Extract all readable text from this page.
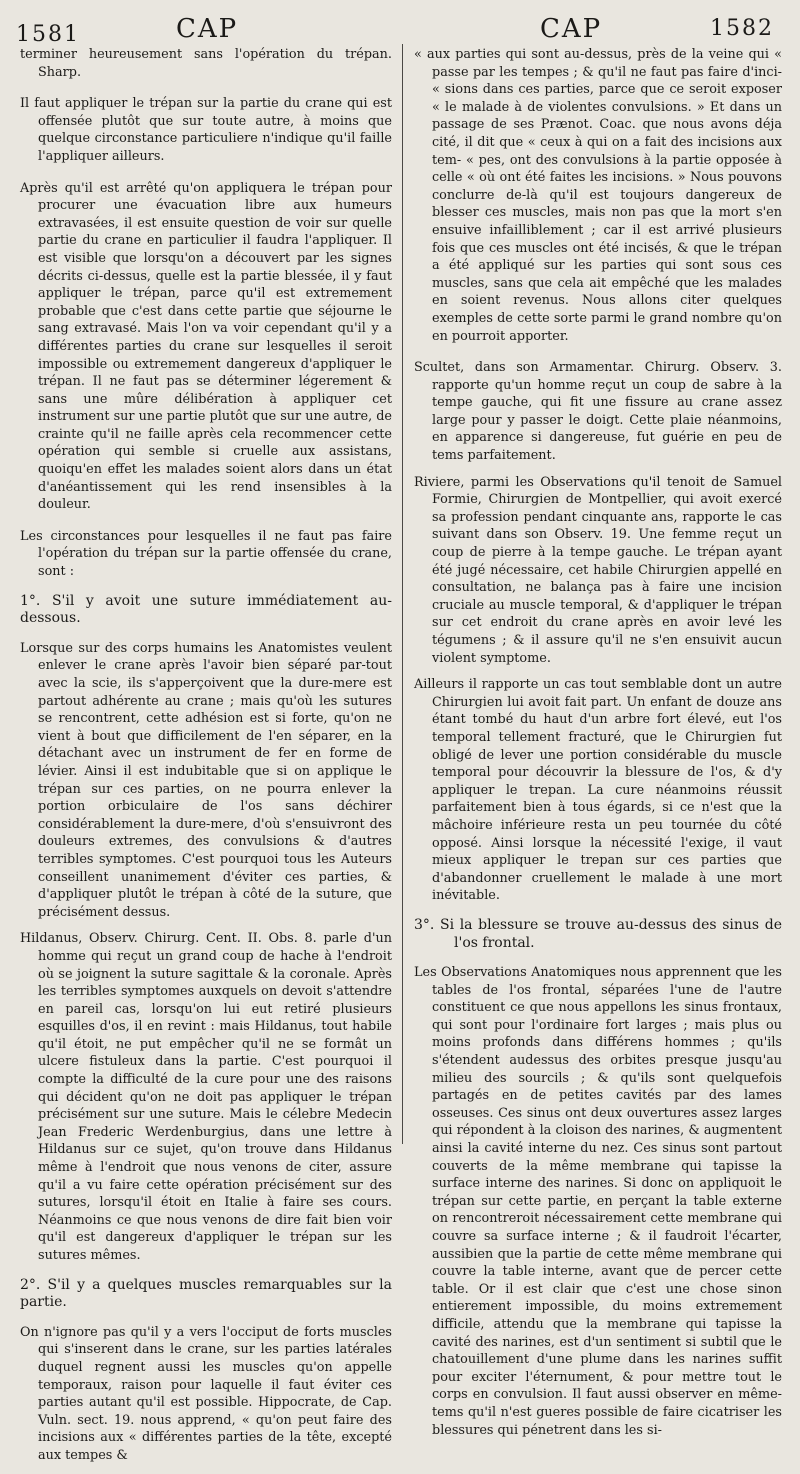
1581	CAP	CAP	1582

terminer heureusement sans l'opération du trépan. Sharp.

Il faut appliquer le trépan sur la partie du crane qui est offensée plutôt que sur toute autre, à moins que quelque circonstance particuliere n'indique qu'il faille l'appliquer ailleurs.

Après qu'il est arrêté qu'on appliquera le trépan pour procurer une évacuation libre aux humeurs extravasées, il est ensuite question de voir sur quelle partie du crane en particulier il faudra l'appliquer. Il est visible que lorsqu'on a découvert par les signes décrits ci-dessus, quelle est la partie blessée, il y faut appliquer le trépan, parce qu'il est extremement probable que c'est dans cette partie que séjourne le sang extravasé. Mais l'on va voir cependant qu'il y a différentes parties du crane sur lesquelles il seroit impossible ou extremement dangereux d'appliquer le trépan. Il ne faut pas se déterminer légerement & sans une mûre délibération à appliquer cet instrument sur une partie plutôt que sur une autre, de crainte qu'il ne faille après cela recommencer cette opération qui semble si cruelle aux assistans, quoiqu'en effet les malades soient alors dans un état d'anéantissement qui les rend insensibles à la douleur.

Les circonstances pour lesquelles il ne faut pas faire l'opération du trépan sur la partie offensée du crane, sont :

1°. S'il y avoit une suture immédiatement au-dessous.

Lorsque sur des corps humains les Anatomistes veulent enlever le crane après l'avoir bien séparé par-tout avec la scie, ils s'apperçoivent que la dure-mere est partout adhérente au crane ; mais qu'où les sutures se rencontrent, cette adhésion est si forte, qu'on ne vient à bout que difficilement de l'en séparer, en la détachant avec un instrument de fer en forme de lévier. Ainsi il est indubitable que si on applique le trépan sur ces parties, on ne pourra enlever la portion orbiculaire de l'os sans déchirer considérablement la dure-mere, d'où s'ensuivront des douleurs extremes, des convulsions & d'autres terribles symptomes. C'est pourquoi tous les Auteurs conseillent unanimement d'éviter ces parties, & d'appliquer plutôt le trépan à côté de la suture, que précisément dessus.

Hildanus, Observ. Chirurg. Cent. II. Obs. 8. parle d'un homme qui reçut un grand coup de hache à l'endroit où se joignent la suture sagittale & la coronale. Après les terribles symptomes auxquels on devoit s'attendre en pareil cas, lorsqu'on lui eut retiré plusieurs esquilles d'os, il en revint : mais Hildanus, tout habile qu'il étoit, ne put empêcher qu'il ne se formât un ulcere fistuleux dans la partie. C'est pourquoi il compte la difficulté de la cure pour une des raisons qui décident qu'on ne doit pas appliquer le trépan précisément sur une suture. Mais le célebre Medecin Jean Frederic Werdenburgius, dans une lettre à Hildanus sur ce sujet, qu'on trouve dans Hildanus même à l'endroit que nous venons de citer, assure qu'il a vu faire cette opération précisément sur des sutures, lorsqu'il étoit en Italie à faire ses cours. Néanmoins ce que nous venons de dire fait bien voir qu'il est dangereux d'appliquer le trépan sur les sutures mêmes.

2°. S'il y a quelques muscles remarquables sur la partie.

On n'ignore pas qu'il y a vers l'occiput de forts muscles qui s'inserent dans le crane, sur les parties latérales duquel regnent aussi les muscles qu'on appelle temporaux, raison pour laquelle il faut éviter ces parties autant qu'il est possible. Hippocrate, de Cap. Vuln. sect. 19. nous apprend, « qu'on peut faire des incisions aux « différentes parties de la tête, excepté aux tempes &

« aux parties qui sont au-dessus, près de la veine qui « passe par les tempes ; & qu'il ne faut pas faire d'inci- « sions dans ces parties, parce que ce seroit exposer « le malade à de violentes convulsions. » Et dans un passage de ses Prænot. Coac. que nous avons déja cité, il dit que « ceux à qui on a fait des incisions aux tem- « pes, ont des convulsions à la partie opposée à celle « où ont été faites les incisions. » Nous pouvons conclurre de-là qu'il est toujours dangereux de blesser ces muscles, mais non pas que la mort s'en ensuive infailliblement ; car il est arrivé plusieurs fois que ces muscles ont été incisés, & que le trépan a été appliqué sur les parties qui sont sous ces muscles, sans que cela ait empêché que les malades en soient revenus. Nous allons citer quelques exemples de cette sorte parmi le grand nombre qu'on en pourroit apporter.

Scultet, dans son Armamentar. Chirurg. Observ. 3. rapporte qu'un homme reçut un coup de sabre à la tempe gauche, qui fit une fissure au crane assez large pour y passer le doigt. Cette plaie néanmoins, en apparence si dangereuse, fut guérie en peu de tems parfaitement.

Riviere, parmi les Observations qu'il tenoit de Samuel Formie, Chirurgien de Montpellier, qui avoit exercé sa profession pendant cinquante ans, rapporte le cas suivant dans son Observ. 19. Une femme reçut un coup de pierre à la tempe gauche. Le trépan ayant été jugé nécessaire, cet habile Chirurgien appellé en consultation, ne balança pas à faire une incision cruciale au muscle temporal, & d'appliquer le trépan sur cet endroit du crane après en avoir levé les tégumens ; & il assure qu'il ne s'en ensuivit aucun violent symptome.

Ailleurs il rapporte un cas tout semblable dont un autre Chirurgien lui avoit fait part. Un enfant de douze ans étant tombé du haut d'un arbre fort élevé, eut l'os temporal tellement fracturé, que le Chirurgien fut obligé de lever une portion considérable du muscle temporal pour découvrir la blessure de l'os, & d'y appliquer le trepan. La cure néanmoins réussit parfaitement bien à tous égards, si ce n'est que la mâchoire inférieure resta un peu tournée du côté opposé. Ainsi lorsque la nécessité l'exige, il vaut mieux appliquer le trepan sur ces parties que d'abandonner cruellement le malade à une mort inévitable.

3°. Si la blessure se trouve au-dessus des sinus de l'os frontal.

Les Observations Anatomiques nous apprennent que les tables de l'os frontal, séparées l'une de l'autre constituent ce que nous appellons les sinus frontaux, qui sont pour l'ordinaire fort larges ; mais plus ou moins profonds dans différens hommes ; qu'ils s'étendent audessus des orbites presque jusqu'au milieu des sourcils ; & qu'ils sont quelquefois partagés en de petites cavités par des lames osseuses. Ces sinus ont deux ouvertures assez larges qui répondent à la cloison des narines, & augmentent ainsi la cavité interne du nez. Ces sinus sont partout couverts de la même membrane qui tapisse la surface interne des narines. Si donc on appliquoit le trépan sur cette partie, en perçant la table externe on rencontreroit nécessairement cette membrane qui couvre sa surface interne ; & il faudroit l'écarter, aussibien que la partie de cette même membrane qui couvre la table interne, avant que de percer cette table. Or il est clair que c'est une chose sinon entierement impossible, du moins extremement difficile, attendu que la membrane qui tapisse la cavité des narines, est d'un sentiment si subtil que le chatouillement d'une plume dans les narines suffit pour exciter l'éternument, & pour mettre tout le corps en convulsion. Il faut aussi observer en même-tems qu'il n'est gueres possible de faire cicatriser les blessures qui pénetrent dans les si-
